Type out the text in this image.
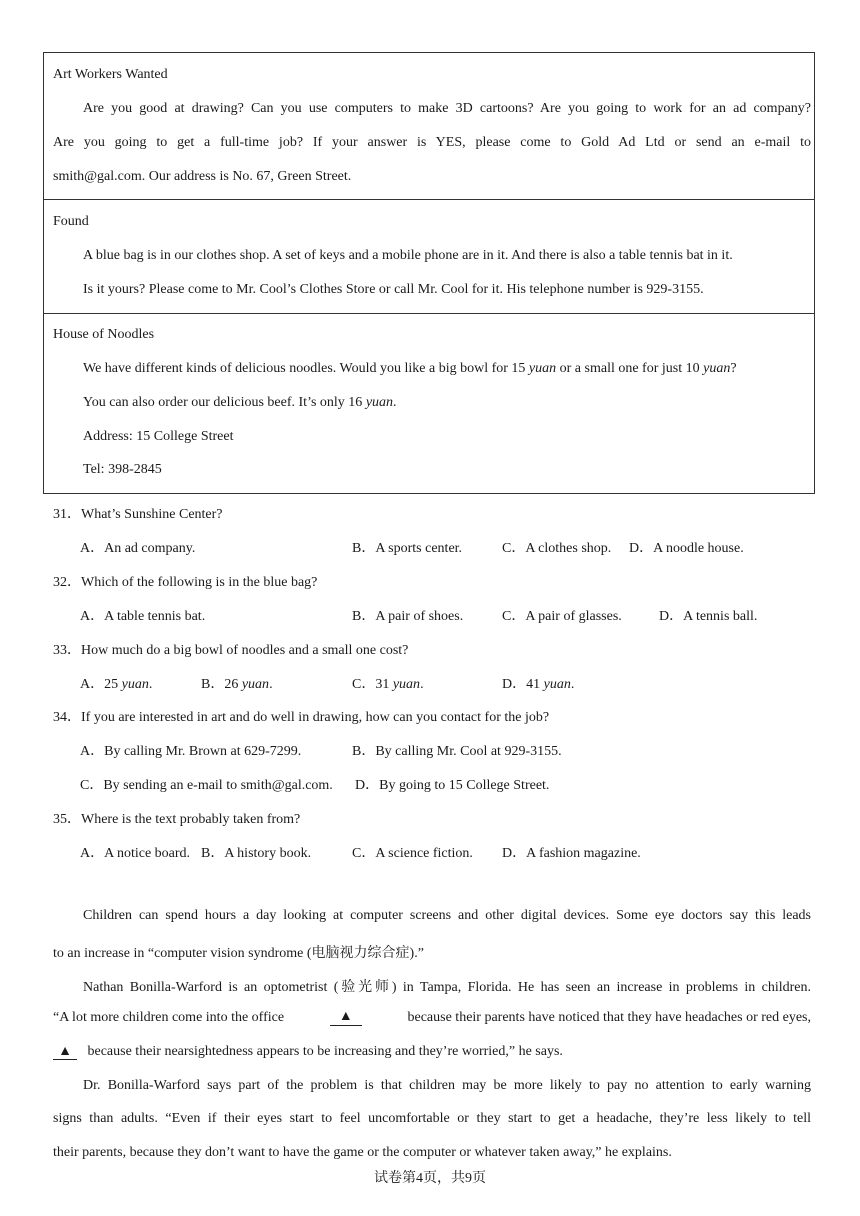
Art Workers Wanted
Are you good at drawing? Can you use computers to make 3D cartoons? Are you going to work for an ad company?
Are you going to get a full-time job? If your answer is YES, please come to Gold Ad Ltd or send an e-mail to
smith@gal.com. Our address is No. 67, Green Street.
Found
A blue bag is in our clothes shop. A set of keys and a mobile phone are in it. And there is also a table tennis bat in it.
Is it yours? Please come to Mr. Cool’s Clothes Store or call Mr. Cool for it. His telephone number is 929-3155.
House of Noodles
We have different kinds of delicious noodles. Would you like a big bowl for 15 yuan or a small one for just 10 yuan?
You can also order our delicious beef. It’s only 16 yuan.
Address: 15 College Street
Tel: 398-2845
31．What’s Sunshine Center?
A．An ad company.	B．A sports center.	C．A clothes shop. D．A noodle house.
32．Which of the following is in the blue bag?
A．A table tennis bat.	B．A pair of shoes.	C．A pair of glasses.	D．A tennis ball.
33．How much do a big bowl of noodles and a small one cost?
A．25 yuan.	B．26 yuan.	C．31 yuan.	D．41 yuan.
34．If you are interested in art and do well in drawing, how can you contact for the job?
A．By calling Mr. Brown at 629-7299.	B．By calling Mr. Cool at 929-3155.
C．By sending an e-mail to smith@gal.com. D．By going to 15 College Street.
35．Where is the text probably taken from?
A．A notice board. B．A history book.	C．A science fiction. D．A fashion magazine.
Children can spend hours a day looking at computer screens and other digital devices. Some eye doctors say this leads
to an increase in “computer vision syndrome (电脑视力综合症).”
Nathan Bonilla-Warford is an optometrist (验光师) in Tampa, Florida. He has seen an increase in problems in children.
“A lot more children come into the office	▲	because their parents have noticed that they have headaches or red eyes,
▲ because their nearsightedness appears to be increasing and they’re worried,” he says.
Dr. Bonilla-Warford says part of the problem is that children may be more likely to pay no attention to early warning
signs than adults. “Even if their eyes start to feel uncomfortable or they start to get a headache, they’re less likely to tell
their parents, because they don’t want to have the game or the computer or whatever taken away,” he explains.
试卷第4页，共9页
